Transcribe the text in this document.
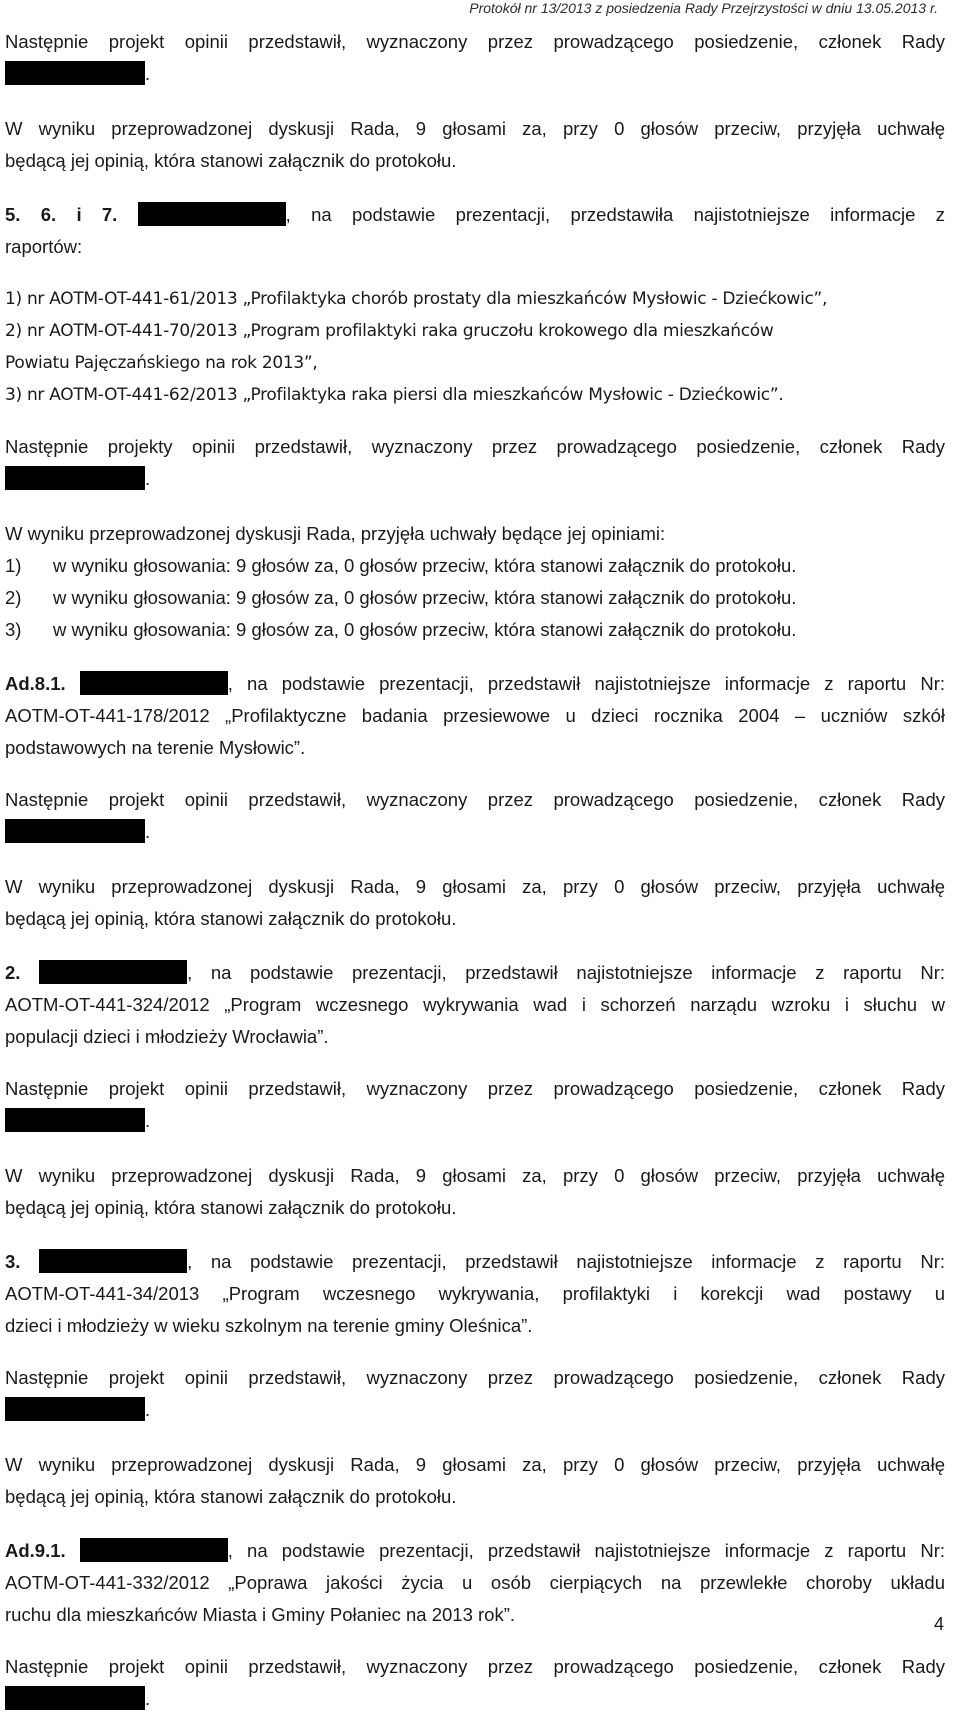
Protokół nr 13/2013 z posiedzenia Rady Przejrzystości w dniu 13.05.2013 r.

Następnie projekt opinii przedstawił, wyznaczony przez prowadzącego posiedzenie, członek Rady

.

W wyniku przeprowadzonej dyskusji Rada, 9 głosami za, przy 0 głosów przeciw, przyjęła uchwałę

będącą jej opinią, która stanowi załącznik do protokołu.

5. 6. i 7.	, na podstawie prezentacji, przedstawiła najistotniejsze informacje z

raportów:

1) nr AOTM-OT-441-61/2013 „Profilaktyka chorób prostaty dla mieszkańców Mysłowic - Dziećkowic”,

2) nr AOTM-OT-441-70/2013 „Program profilaktyki raka gruczołu krokowego dla mieszkańców

Powiatu Pajęczańskiego na rok 2013”,

3) nr AOTM-OT-441-62/2013 „Profilaktyka raka piersi dla mieszkańców Mysłowic - Dziećkowic”.

Następnie projekty opinii przedstawił, wyznaczony przez prowadzącego posiedzenie, członek Rady

.

W wyniku przeprowadzonej dyskusji Rada, przyjęła uchwały będące jej opiniami:

1)	w wyniku głosowania: 9 głosów za, 0 głosów przeciw, która stanowi załącznik do protokołu.
2)	w wyniku głosowania: 9 głosów za, 0 głosów przeciw, która stanowi załącznik do protokołu.
3)	w wyniku głosowania: 9 głosów za, 0 głosów przeciw, która stanowi załącznik do protokołu.

Ad.8.1.	, na podstawie prezentacji, przedstawił najistotniejsze informacje z raportu Nr:

AOTM-OT-441-178/2012 „Profilaktyczne badania przesiewowe u dzieci rocznika 2004 – uczniów szkół

podstawowych na terenie Mysłowic”.

Następnie projekt opinii przedstawił, wyznaczony przez prowadzącego posiedzenie, członek Rady

.

W wyniku przeprowadzonej dyskusji Rada, 9 głosami za, przy 0 głosów przeciw, przyjęła uchwałę

będącą jej opinią, która stanowi załącznik do protokołu.

2.	, na podstawie prezentacji, przedstawił najistotniejsze informacje z raportu Nr:

AOTM-OT-441-324/2012 „Program wczesnego wykrywania wad i schorzeń narządu wzroku i słuchu w

populacji dzieci i młodzieży Wrocławia”.

Następnie projekt opinii przedstawił, wyznaczony przez prowadzącego posiedzenie, członek Rady

.

W wyniku przeprowadzonej dyskusji Rada, 9 głosami za, przy 0 głosów przeciw, przyjęła uchwałę

będącą jej opinią, która stanowi załącznik do protokołu.

3.	, na podstawie prezentacji, przedstawił najistotniejsze informacje z raportu Nr:

AOTM-OT-441-34/2013 „Program wczesnego wykrywania, profilaktyki i korekcji wad postawy u

dzieci i młodzieży w wieku szkolnym na terenie gminy Oleśnica”.

Następnie projekt opinii przedstawił, wyznaczony przez prowadzącego posiedzenie, członek Rady

.

W wyniku przeprowadzonej dyskusji Rada, 9 głosami za, przy 0 głosów przeciw, przyjęła uchwałę

będącą jej opinią, która stanowi załącznik do protokołu.

Ad.9.1.	, na podstawie prezentacji, przedstawił najistotniejsze informacje z raportu Nr:

AOTM-OT-441-332/2012 „Poprawa jakości życia u osób cierpiących na przewlekłe choroby układu

ruchu dla mieszkańców Miasta i Gminy Połaniec na 2013 rok”.

Następnie projekt opinii przedstawił, wyznaczony przez prowadzącego posiedzenie, członek Rady

.

4
